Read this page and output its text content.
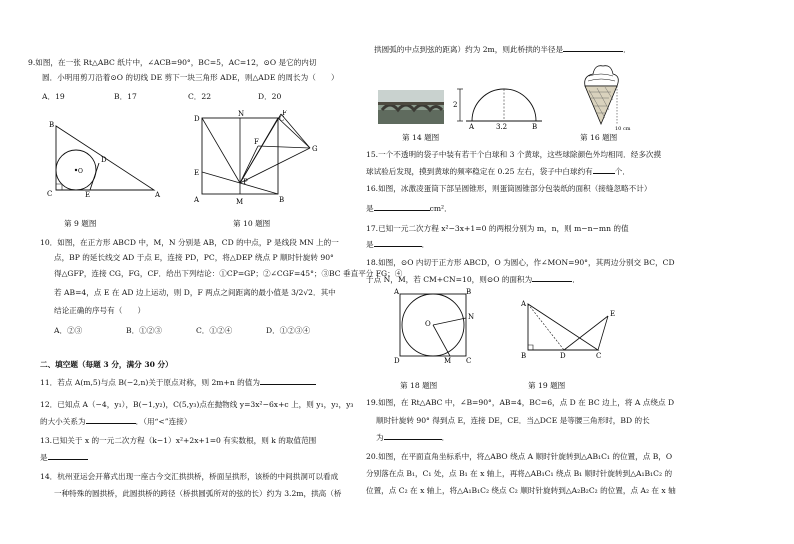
9.如图，在一张 Rt△ABC 纸片中，∠ACB=90°，BC=5，AC=12，⊙O 是它的内切
圆．小明用剪刀沿着⊙O 的切线 DE 剪下一块三角形 ADE，则△ADE 的周长为（　　）
A．19	B．17	C．22	D．20
B
C	A
D
E
O
第 9 题图
D
N
C
F
G
E
A	M	B
P
F
第 10 题图
10．如图，在正方形 ABCD 中，M，N 分别是 AB，CD 的中点，P 是线段 MN 上的一
点，BP 的延长线交 AD 于点 E，连接 PD，PC，将△DEP 绕点 P 顺时针旋转 90°
得△GFP，连接 CG，FG，CF．给出下列结论：①CP=GP；②∠CGF=45°；③BC 垂直平分 FG；④
若 AB=4，点 E 在 AD 边上运动，则 D，F 两点之间距离的最小值是 3/2√2．其中
结论正确的序号有（　　）
A．②③	B．①②③	C．①②④	D．①②③④
二、填空题（每题 3 分，满分 30 分）
11．若点 A(m,5)与点 B(−2,n)关于原点对称，则 2m+n 的值为
12．已知点 A（−4，y₁），B(−1,y₂)，C(5,y₃)点在抛物线 y=3x²−6x+c 上，则 y₁，y₂，y₃
的大小关系为	．（用“<”连接）
13.已知关于 x 的一元二次方程（k−1）x²+2x+1=0 有实数根，则 k 的取值范围
是
14．杭州亚运会开幕式出现一座古今交汇拱拱桥，桥面呈拱形，该桥的中间拱洞可以看成
一种特殊的圆拱桥，此圆拱桥的跨径（桥拱圆弧所对的弦的长）约为 3.2m，拱高（桥
拱圆弧的中点到弦的距离）约为 2m，则此桥拱的半径是	．
2
3.2
A	B	10 cm
第 14 题图	第 16 题图
15.一个不透明的袋子中装有若干个白球和 3 个黄球，这些球除颜色外均相同．经多次摸
球试验后发现，摸到黄球的频率稳定在 0.25 左右，袋子中白球约有	个．
16.如图，冰激凌蛋筒下部呈圆锥形，则蛋筒圆锥部分包装纸的面积（接缝忽略不计）
是	cm²．
17.已知一元二次方程 x²−3x+1=0 的两根分别为 m，n，则 m−n−mn 的值
是	．
18.如图，⊙O 内切于正方形 ABCD，O 为圆心，作∠MON=90°，其两边分别交 BC，CD
于点 N，M，若 CM+CN=10，则⊙O 的面积为	．
A	B
N
D	M C
O
A
B	D	C
E
第 18 题图	第 19 题图
19.如图，在 Rt△ABC 中，∠B=90°，AB=4，BC=6，点 D 在 BC 边上，将 A 点绕点 D
顺时针旋转 90° 得到点 E，连接 DE，CE．当△DCE 是等腰三角形时，BD 的长
为	．
20.如图，在平面直角坐标系中，将△ABO 绕点 A 顺时针旋转到△AB₁C₁ 的位置，点 B，O
分别落在点 B₁，C₁ 处，点 B₁ 在 x 轴上，再将△AB₁C₁ 绕点 B₁ 顺时针旋转到△A₁B₁C₂ 的
位置，点 C₂ 在 x 轴上，将△A₁B₁C₂ 绕点 C₂ 顺时针旋转到△A₂B₂C₂ 的位置，点 A₂ 在 x 轴
